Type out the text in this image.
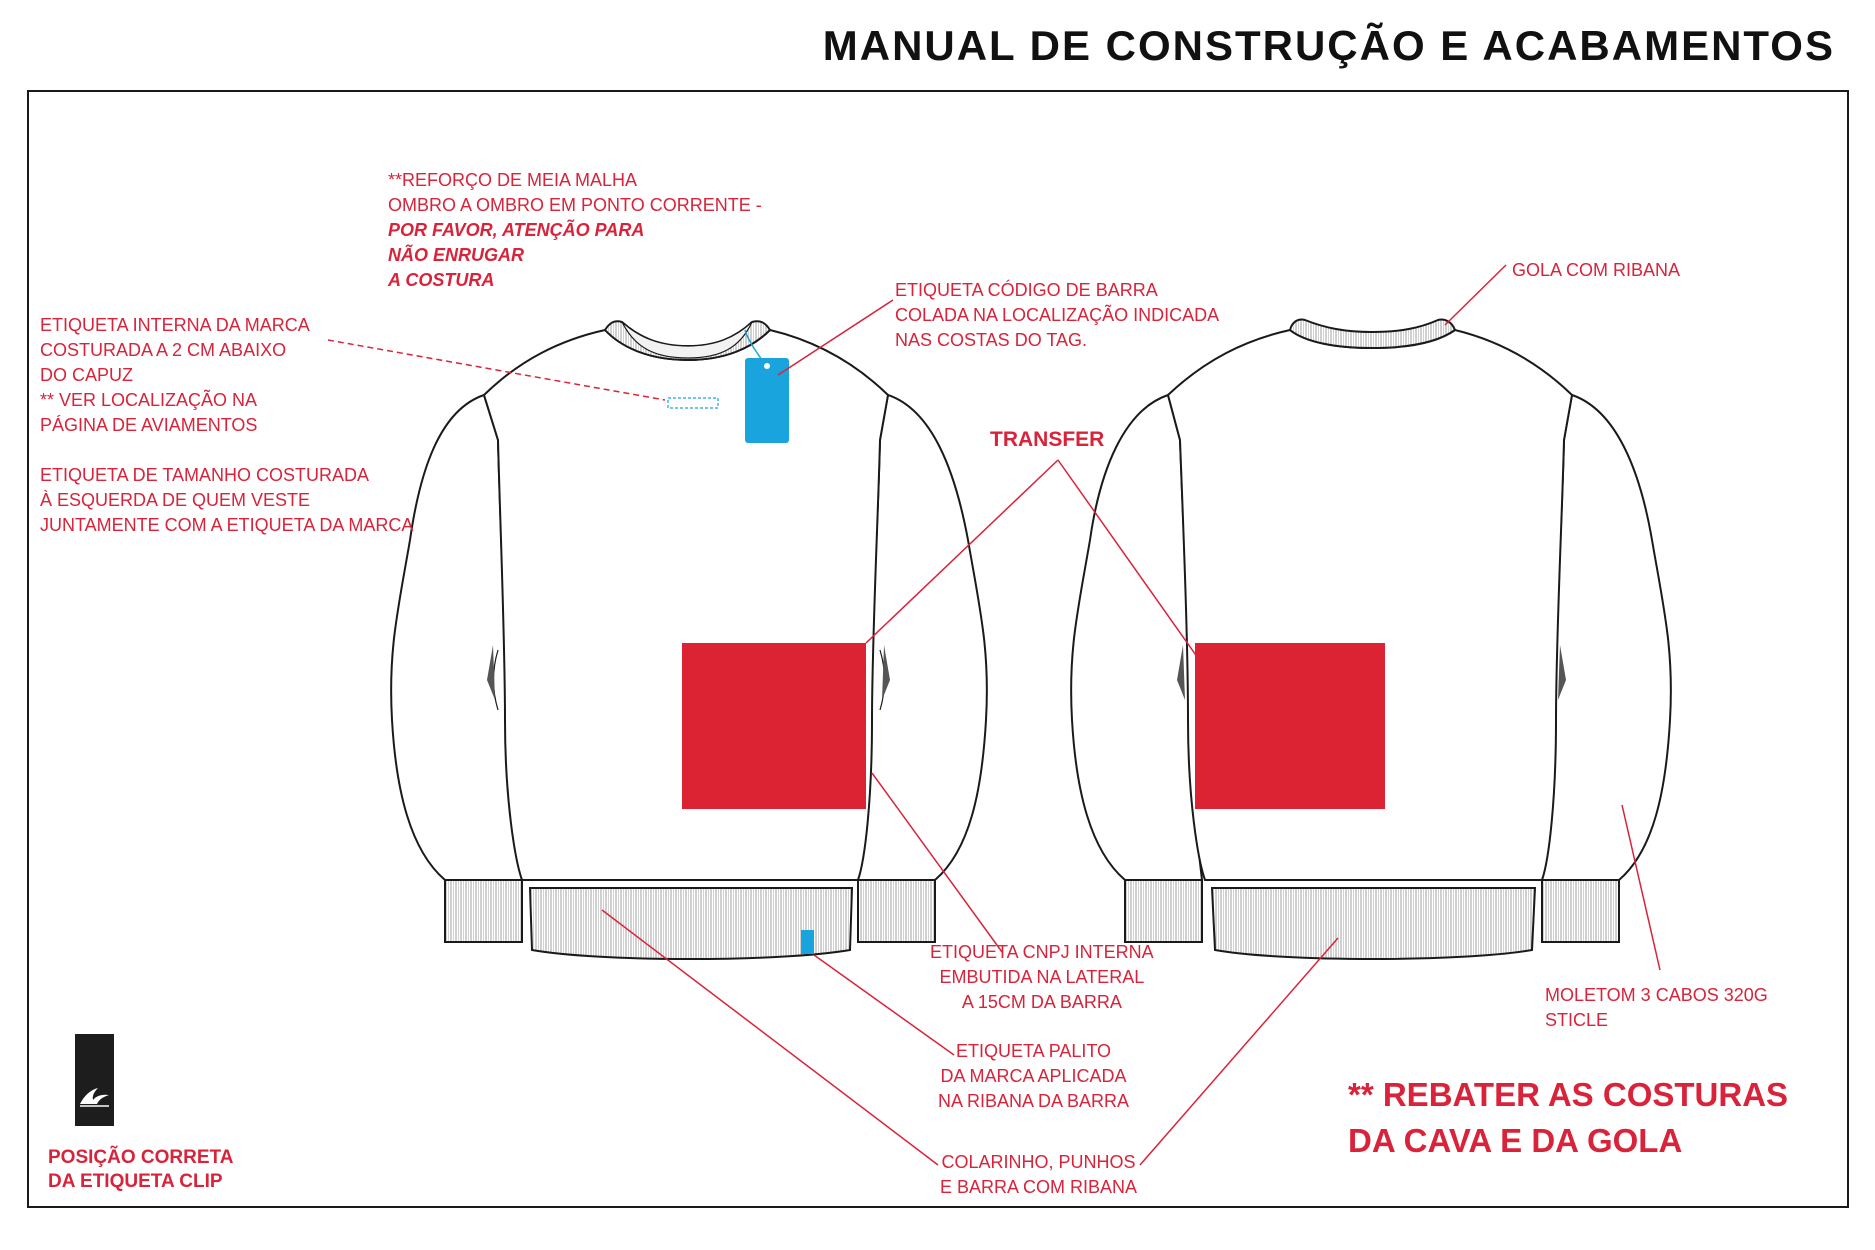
MANUAL DE CONSTRUÇÃO E ACABAMENTOS
**REFORÇO DE MEIA MALHA
OMBRO A OMBRO EM PONTO CORRENTE -
POR FAVOR, ATENÇÃO PARA
NÃO ENRUGAR
A COSTURA
ETIQUETA INTERNA DA MARCA
COSTURADA A 2 CM ABAIXO
DO CAPUZ
** VER LOCALIZAÇÃO NA
PÁGINA DE AVIAMENTOS
ETIQUETA DE TAMANHO COSTURADA
À ESQUERDA DE QUEM VESTE
JUNTAMENTE COM A ETIQUETA DA MARCA
ETIQUETA CÓDIGO DE BARRA
COLADA NA LOCALIZAÇÃO INDICADA
NAS COSTAS DO TAG.
GOLA COM RIBANA
TRANSFER
ETIQUETA CNPJ INTERNA
EMBUTIDA NA LATERAL
A 15CM DA BARRA
ETIQUETA PALITO
DA MARCA APLICADA
NA RIBANA DA BARRA
COLARINHO, PUNHOS
E BARRA COM RIBANA
MOLETOM 3 CABOS 320G
STICLE
** REBATER AS COSTURAS
DA CAVA E DA GOLA
POSIÇÃO CORRETA
DA ETIQUETA CLIP
